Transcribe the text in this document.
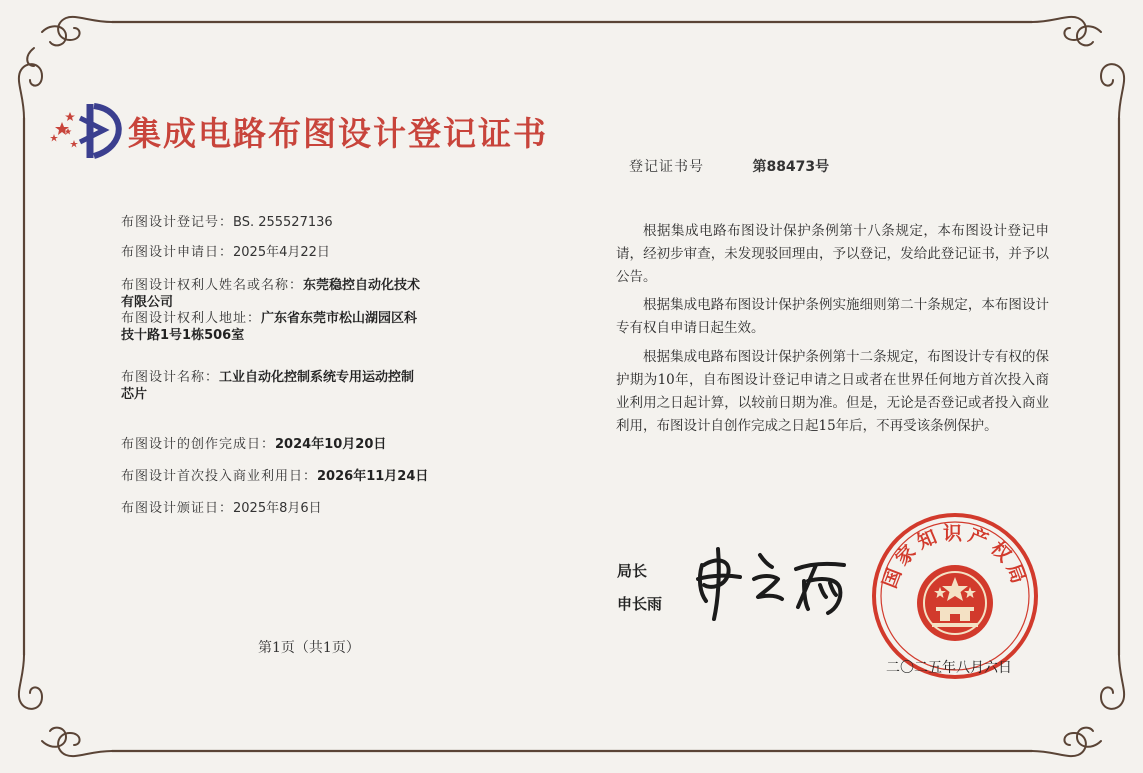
集成电路布图设计登记证书
登记证书号	第88473号
布图设计登记号：BS. 255527136
布图设计申请日：2025年4月22日
布图设计权利人姓名或名称：东莞稳控自动化技术
有限公司
布图设计权利人地址：广东省东莞市松山湖园区科
技十路1号1栋506室
布图设计名称：工业自动化控制系统专用运动控制
芯片
布图设计的创作完成日：2024年10月20日
布图设计首次投入商业利用日：2026年11月24日
布图设计颁证日：2025年8月6日

根据集成电路布图设计保护条例第十八条规定，本布图设计登记申请，经初步审查，未发现驳回理由，予以登记，发给此登记证书，并予以公告。

根据集成电路布图设计保护条例实施细则第二十条规定，本布图设计专有权自申请日起生效。

根据集成电路布图设计保护条例第十二条规定，布图设计专有权的保护期为10年，自布图设计登记申请之日或者在世界任何地方首次投入商业利用之日起计算，以较前日期为准。但是，无论是否登记或者投入商业利用，布图设计自创作完成之日起15年后，不再受该条例保护。

局长
申长雨
国家知识产权局
二〇二五年八月六日
第1页（共1页）
